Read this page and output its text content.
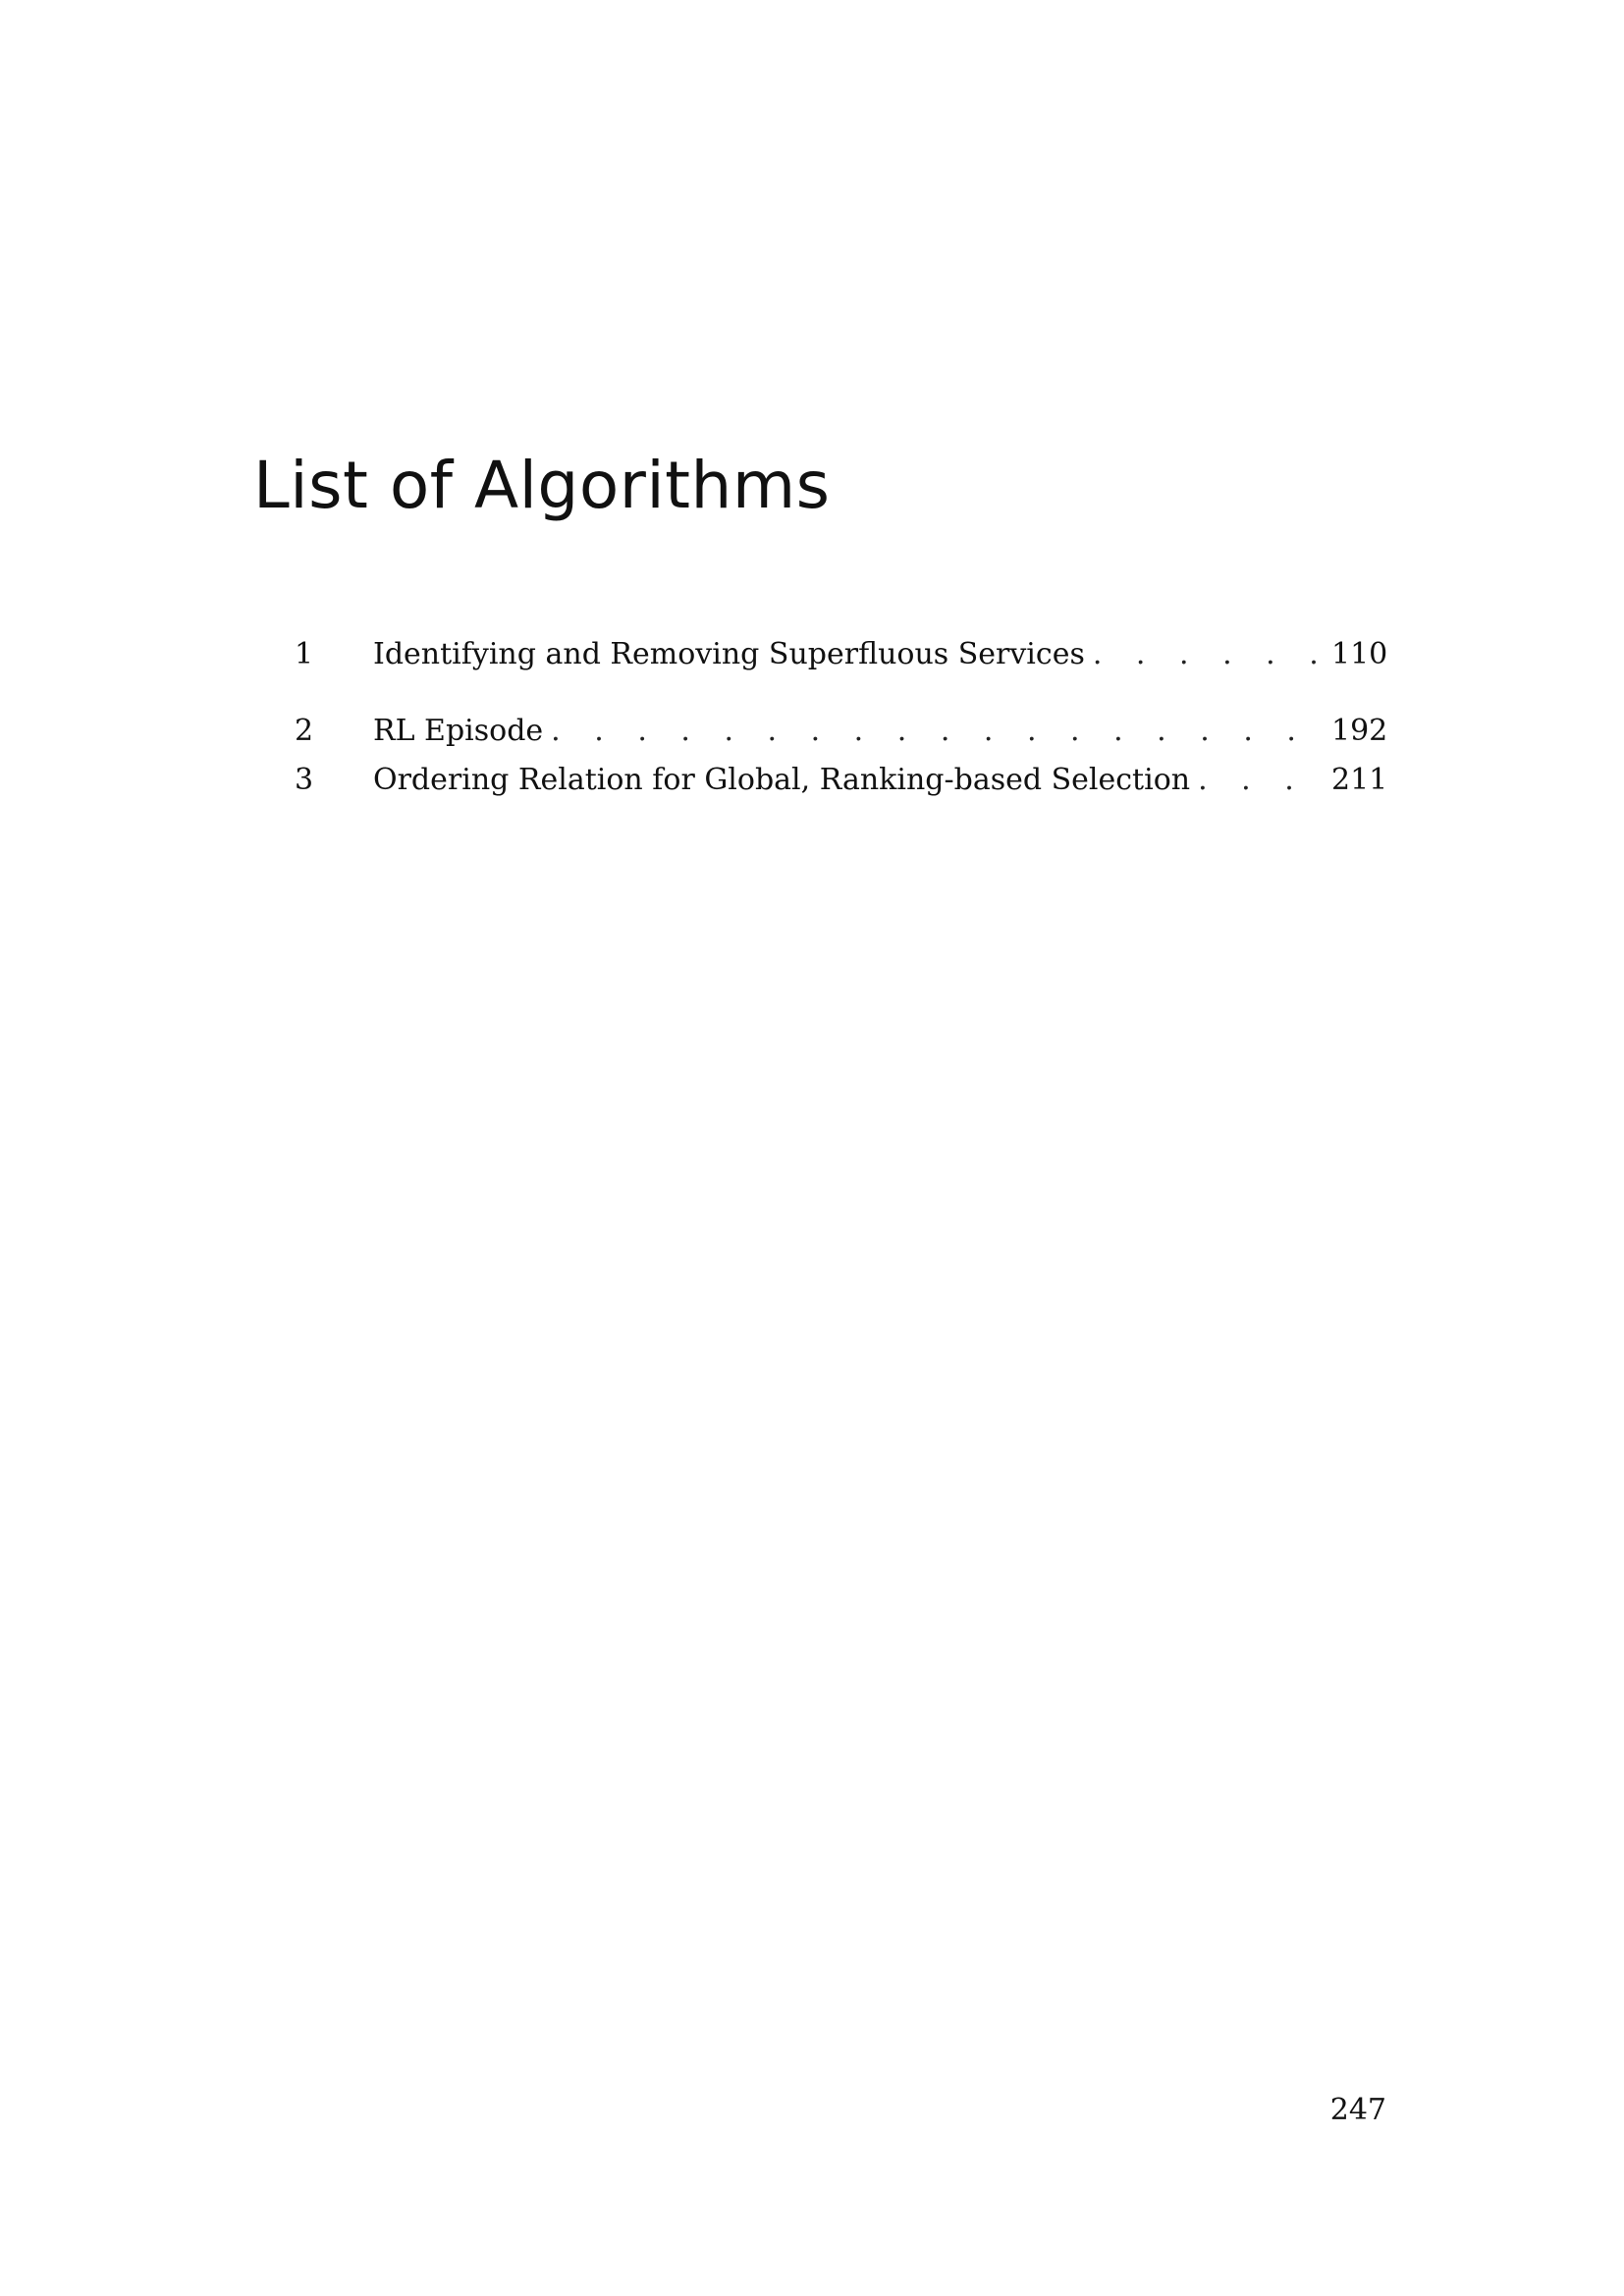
List of Algorithms
1	Identifying and Removing Superfluous Services . . .	110
2	RL Episode . . .	192
3	Ordering Relation for Global, Ranking-based Selection . . .	211

247
